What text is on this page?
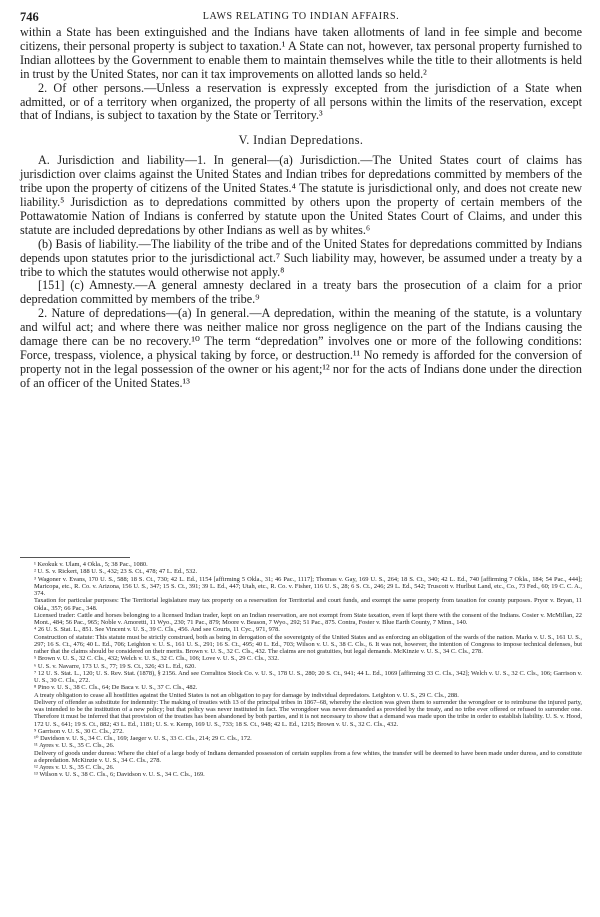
746	LAWS RELATING TO INDIAN AFFAIRS.

within a State has been extinguished and the Indians have taken allotments of land in fee simple and become citizens, their personal property is subject to taxation.¹ A State can not, however, tax personal property furnished to Indian allottees by the Government to enable them to maintain themselves while the title to their allotments is held in trust by the United States, nor can it tax improvements on allotted lands so held.²

2. Of other persons.—Unless a reservation is expressly excepted from the jurisdiction of a State when admitted, or of a territory when organized, the property of all persons within the limits of the reservation, except that of Indians, is subject to taxation by the State or Territory.³

V. Indian Depredations.

A. Jurisdiction and liability—1. In general—(a) Jurisdiction.—The United States court of claims has jurisdiction over claims against the United States and Indian tribes for depredations committed by members of the tribe upon the property of citizens of the United States.⁴ The statute is jurisdictional only, and does not create new liability.⁵ Jurisdiction as to depredations committed by others upon the property of certain members of the Pottawatomie Nation of Indians is conferred by statute upon the United States Court of Claims, and under this statute are included depredations by other Indians as well as by whites.⁶

(b) Basis of liability.—The liability of the tribe and of the United States for depredations committed by Indians depends upon statutes prior to the jurisdictional act.⁷ Such liability may, however, be assumed under a treaty by a tribe to which the statutes would otherwise not apply.⁸

[151] (c) Amnesty.—A general amnesty declared in a treaty bars the prosecution of a claim for a prior depredation committed by members of the tribe.⁹

2. Nature of depredations—(a) In general.—A depredation, within the meaning of the statute, is a voluntary and wilful act; and where there was neither malice nor gross negligence on the part of the Indians causing the damage there can be no recovery.¹⁰ The term “depredation” involves one or more of the following conditions: Force, trespass, violence, a physical taking by force, or destruction.¹¹ No remedy is afforded for the conversion of property not in the legal possession of the owner or his agent;¹² nor for the acts of Indians done under the direction of an officer of the United States.¹³

¹ Keokuk v. Ulam, 4 Okla., 5; 38 Pac., 1080.

² U. S. v. Rickert, 188 U. S., 432; 23 S. Ct., 478; 47 L. Ed., 532.

³ Wagoner v. Evans, 170 U. S., 588; 18 S. Ct., 730; 42 L. Ed., 1154 [affirming 5 Okla., 31; 46 Pac., 1117]; Thomas v. Gay, 169 U. S., 264; 18 S. Ct., 340; 42 L. Ed., 740 [affirming 7 Okla., 184; 54 Pac., 444]; Maricopa, etc., R. Co. v. Arizona, 156 U. S., 347; 15 S. Ct., 391; 39 L. Ed., 447; Utah, etc., R. Co. v. Fisher, 116 U. S., 28; 6 S. Ct., 246; 29 L. Ed., 542; Truscott v. Hurlbut Land, etc., Co., 73 Fed., 60; 19 C. C. A., 374.

Taxation for particular purposes: The Territorial legislature may tax property on a reservation for Territorial and court funds, and exempt the same property from taxation for county purposes. Pryor v. Bryan, 11 Okla., 357; 66 Pac., 348.

Licensed trader: Cattle and horses belonging to a licensed Indian trader, kept on an Indian reservation, are not exempt from State taxation, even if kept there with the consent of the Indians. Cosier v. McMillan, 22 Mont., 484; 56 Pac., 965; Noble v. Amoretti, 11 Wyo., 230; 71 Pac., 879; Moore v. Beason, 7 Wyo., 292; 51 Pac., 875. Contra, Foster v. Blue Earth County, 7 Minn., 140.

⁴ 26 U. S. Stat. L., 851. See Vincent v. U. S., 39 C. Cls., 456. And see Courts, 11 Cyc., 971, 978.

Construction of statute: This statute must be strictly construed, both as being in derogation of the sovereignty of the United States and as enforcing an obligation of the wards of the nation. Marks v. U. S., 161 U. S., 297; 16 S. Ct., 476; 40 L. Ed., 706; Leighton v. U. S., 161 U. S., 291; 16 S. Ct., 495; 40 L. Ed., 703; Wilson v. U. S., 38 C. Cls., 6. It was not, however, the intention of Congress to impose technical defenses, but rather that the claims should be considered on their merits. Brown v. U. S., 32 C. Cls., 432. The claims are not gratuities, but legal demands. McKinzie v. U. S., 34 C. Cls., 278.

⁵ Brown v. U. S., 32 C. Cls., 432; Welch v. U. S., 32 C. Cls., 106; Love v. U. S., 29 C. Cls., 332.

⁶ U. S. v. Navarre, 173 U. S., 77; 19 S. Ct., 326; 43 L. Ed., 620.

⁷ 12 U. S. Stat. L., 120; U. S. Rev. Stat. (1878), § 2156. And see Corralitos Stock Co. v. U. S., 178 U. S., 280; 20 S. Ct., 941; 44 L. Ed., 1069 [affirming 33 C. Cls., 342]; Welch v. U. S., 32 C. Cls., 106; Garrison v. U. S., 30 C. Cls., 272.

⁸ Pino v. U. S., 38 C. Cls., 64; De Baca v. U. S., 37 C. Cls., 482.

A treaty obligation to cease all hostilities against the United States is not an obligation to pay for damage by individual depredators. Leighton v. U. S., 29 C. Cls., 288.

Delivery of offender as substitute for indemnity: The making of treaties with 13 of the principal tribes in 1867–68, whereby the election was given them to surrender the wrongdoer or to reimburse the injured party, was intended to be the institution of a new policy; but that policy was never instituted in fact. The wrongdoer was never demanded as provided by the treaty, and no tribe ever offered or refused to surrender one. Therefore it must be inferred that that provision of the treaties has been abandoned by both parties, and it is not necessary to show that a demand was made upon the tribe in order to establish liability. U. S. v. Hood, 172 U. S., 641; 19 S. Ct., 882; 43 L. Ed., 1181; U. S. v. Kemp, 169 U. S., 733; 18 S. Ct., 948; 42 L. Ed., 1215; Brown v. U. S., 32 C. Cls., 432.

⁹ Garrison v. U. S., 30 C. Cls., 272.

¹⁰ Davidson v. U. S., 34 C. Cls., 169; Jaeger v. U. S., 33 C. Cls., 214; 29 C. Cls., 172.

¹¹ Ayres v. U. S., 35 C. Cls., 26.

Delivery of goods under duress: Where the chief of a large body of Indians demanded possession of certain supplies from a few whites, the transfer will be deemed to have been made under duress, and to constitute a depredation. McKinzie v. U. S., 34 C. Cls., 278.

¹² Ayres v. U. S., 35 C. Cls., 26.

¹³ Wilson v. U. S., 38 C. Cls., 6; Davidson v. U. S., 34 C. Cls., 169.
